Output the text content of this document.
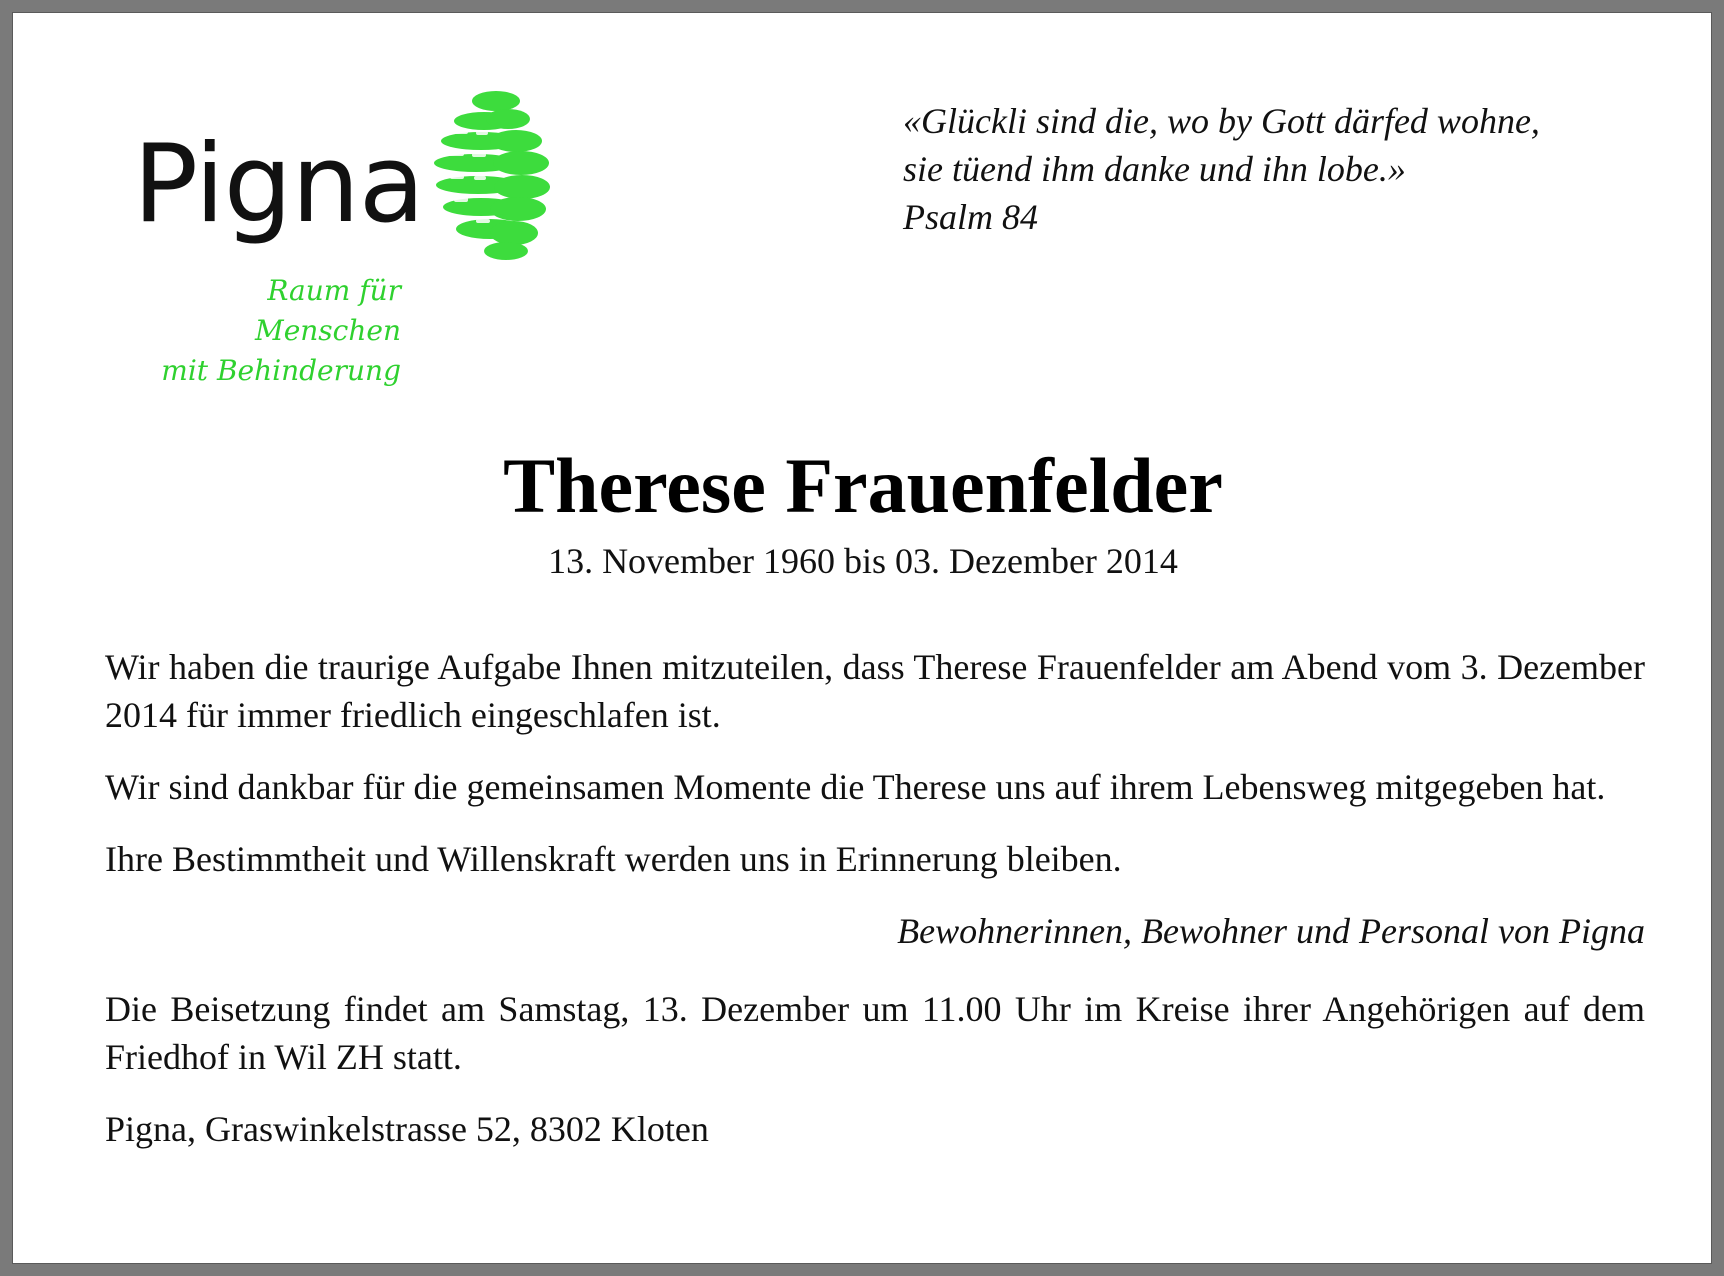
Pigna
Raum für Menschen
mit Behinderung
«Glückli sind die, wo by Gott därfed wohne,
sie tüend ihm danke und ihn lobe.»
Psalm 84
Therese Frauenfelder
13. November 1960 bis 03. Dezember 2014

Wir haben die traurige Aufgabe Ihnen mitzuteilen, dass Therese Frauenfelder am Abend vom 3. Dezember 2014 für immer friedlich eingeschlafen ist.

Wir sind dankbar für die gemeinsamen Momente die Therese uns auf ihrem Lebensweg mitgegeben hat.

Ihre Bestimmtheit und Willenskraft werden uns in Erinnerung bleiben.

Bewohnerinnen, Bewohner und Personal von Pigna

Die Beisetzung findet am Samstag, 13. Dezember um 11.00 Uhr im Kreise ihrer Angehörigen auf dem Friedhof in Wil ZH statt.

Pigna, Graswinkelstrasse 52, 8302 Kloten
